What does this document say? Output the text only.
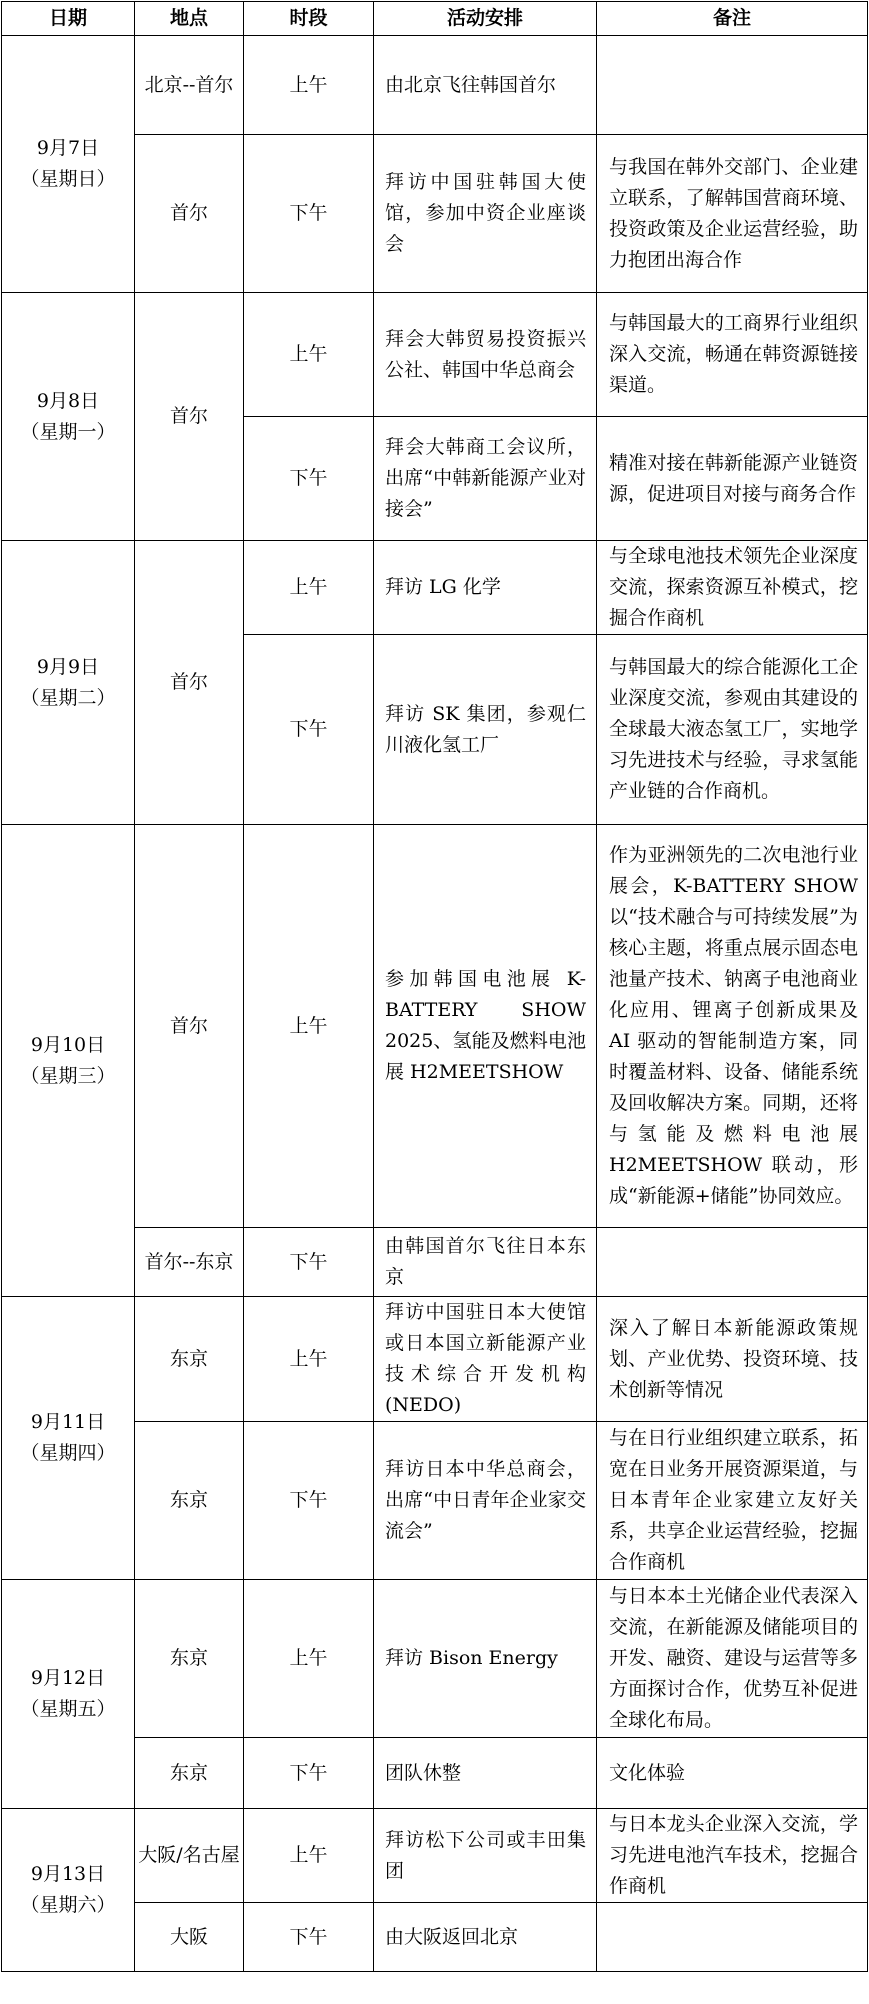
日期	地点	时段	活动安排	备注

9月7日
（星期日）	北京--首尔	上午	由北京飞往韩国首尔	
	首尔	下午	拜访中国驻韩国大使馆，参加中资企业座谈会	与我国在韩外交部门、企业建立联系，了解韩国营商环境、投资政策及企业运营经验，助力抱团出海合作

9月8日
（星期一）	首尔	上午	拜会大韩贸易投资振兴公社、韩国中华总商会	与韩国最大的工商界行业组织深入交流，畅通在韩资源链接渠道。
		下午	拜会大韩商工会议所，出席“中韩新能源产业对接会”	精准对接在韩新能源产业链资源，促进项目对接与商务合作

9月9日
（星期二）	首尔	上午	拜访 LG 化学	与全球电池技术领先企业深度交流，探索资源互补模式，挖掘合作商机
		下午	拜访 SK 集团，参观仁川液化氢工厂	与韩国最大的综合能源化工企业深度交流，参观由其建设的全球最大液态氢工厂，实地学习先进技术与经验，寻求氢能产业链的合作商机。

9月10日
（星期三）	首尔	上午	参加韩国电池展 K-BATTERY SHOW 2025、氢能及燃料电池展 H2MEETSHOW	作为亚洲领先的二次电池行业展会，K-BATTERY SHOW 以“技术融合与可持续发展”为核心主题，将重点展示固态电池量产技术、钠离子电池商业化应用、锂离子创新成果及 AI 驱动的智能制造方案，同时覆盖材料、设备、储能系统及回收解决方案。同期，还将与氢能及燃料电池展 H2MEETSHOW 联动，形成“新能源+储能”协同效应。
	首尔--东京	下午	由韩国首尔飞往日本东京	

9月11日
（星期四）	东京	上午	拜访中国驻日本大使馆或日本国立新能源产业技术综合开发机构(NEDO)	深入了解日本新能源政策规划、产业优势、投资环境、技术创新等情况
	东京	下午	拜访日本中华总商会，出席“中日青年企业家交流会”	与在日行业组织建立联系，拓宽在日业务开展资源渠道，与日本青年企业家建立友好关系，共享企业运营经验，挖掘合作商机

9月12日
（星期五）	东京	上午	拜访 Bison Energy	与日本本土光储企业代表深入交流，在新能源及储能项目的开发、融资、建设与运营等多方面探讨合作，优势互补促进全球化布局。
	东京	下午	团队休整	文化体验

9月13日
（星期六）	大阪/名古屋	上午	拜访松下公司或丰田集团	与日本龙头企业深入交流，学习先进电池汽车技术，挖掘合作商机
	大阪	下午	由大阪返回北京	
